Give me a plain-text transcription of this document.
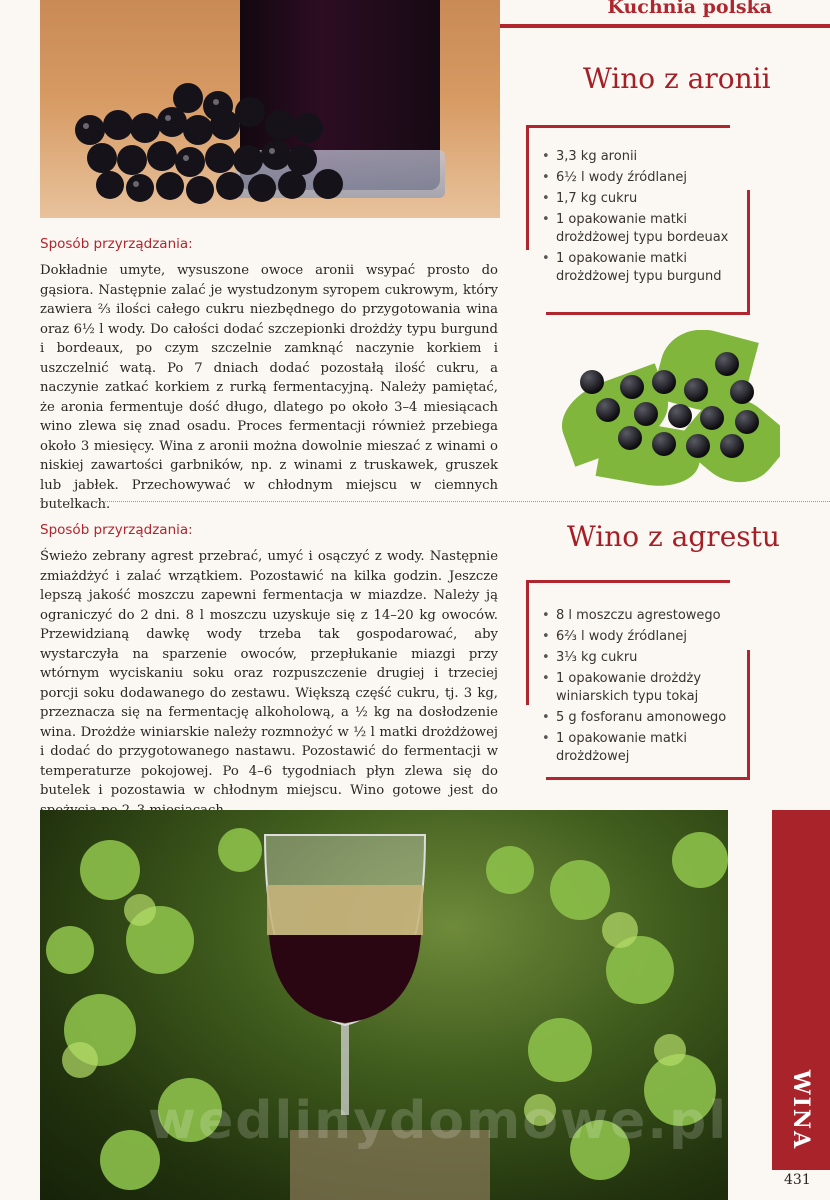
Kuchnia polska
Wino z aronii
• 3,3 kg aronii
• 6½ l wody źródlanej
• 1,7 kg cukru
• 1 opakowanie matki drożdżowej typu bordeuax
• 1 opakowanie matki drożdżowej typu burgund
Sposób przyrządzania:

Dokładnie umyte, wysuszone owoce aronii wsypać prosto do gąsiora. Następnie zalać je wystudzonym syropem cukrowym, który zawiera ⅔ ilości całego cukru niezbędnego do przygotowania wina oraz 6½ l wody. Do całości dodać szczepionki drożdży typu burgund i bordeaux, po czym szczelnie zamknąć naczynie korkiem i uszczelnić watą. Po 7 dniach dodać pozostałą ilość cukru, a naczynie zatkać korkiem z rurką fermentacyjną. Należy pamiętać, że aronia fermentuje dość długo, dlatego po około 3–4 miesiącach wino zlewa się znad osadu. Proces fermentacji również przebiega około 3 miesięcy. Wina z aronii można dowolnie mieszać z winami o niskiej zawartości garbników, np. z winami z truskawek, gruszek lub jabłek. Przechowywać w chłodnym miejscu w ciemnych butelkach.

Wino z agrestu
• 8 l moszczu agrestowego
• 6⅔ l wody źródlanej
• 3⅓ kg cukru
• 1 opakowanie drożdży winiarskich typu tokaj
• 5 g fosforanu amonowego
• 1 opakowanie matki drożdżowej
Sposób przyrządzania:

Świeżo zebrany agrest przebrać, umyć i osączyć z wody. Następnie zmiażdżyć i zalać wrzątkiem. Pozostawić na kilka godzin. Jeszcze lepszą jakość moszczu zapewni fermentacja w miazdze. Należy ją ograniczyć do 2 dni. 8 l moszczu uzyskuje się z 14–20 kg owoców. Przewidzianą dawkę wody trzeba tak gospodarować, aby wystarczyła na sparzenie owoców, przepłukanie miazgi przy wtórnym wyciskaniu soku oraz rozpuszczenie drugiej i trzeciej porcji soku dodawanego do zestawu. Większą część cukru, tj. 3 kg, przeznacza się na fermentację alkoholową, a ½ kg na dosłodzenie wina. Drożdże winiarskie należy rozmnożyć w ½ l matki drożdżowej i dodać do przygotowanego nastawu. Pozostawić do fermentacji w temperaturze pokojowej. Po 4–6 tygodniach płyn zlewa się do butelek i pozostawia w chłodnym miejscu. Wino gotowe jest do

wedlinydomowe.pl	WINA
431
